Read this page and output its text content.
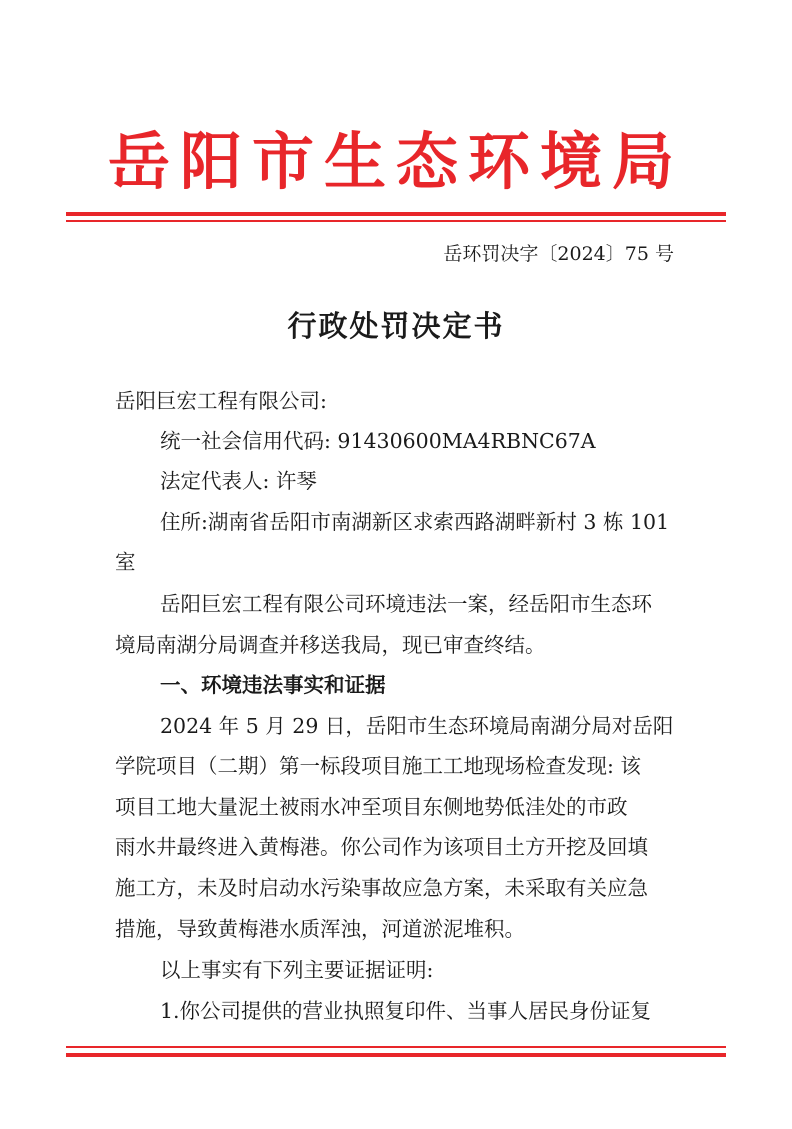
岳阳市生态环境局
岳环罚决字〔2024〕75 号
行政处罚决定书
岳阳巨宏工程有限公司:
统一社会信用代码: 91430600MA4RBNC67A
法定代表人: 许琴
住所:湖南省岳阳市南湖新区求索西路湖畔新村 3 栋 101
室
岳阳巨宏工程有限公司环境违法一案，经岳阳市生态环
境局南湖分局调查并移送我局，现已审查终结。
一、环境违法事实和证据
2024 年 5 月 29 日，岳阳市生态环境局南湖分局对岳阳
学院项目（二期）第一标段项目施工工地现场检查发现: 该
项目工地大量泥土被雨水冲至项目东侧地势低洼处的市政
雨水井最终进入黄梅港。你公司作为该项目土方开挖及回填
施工方，未及时启动水污染事故应急方案，未采取有关应急
措施，导致黄梅港水质浑浊，河道淤泥堆积。
以上事实有下列主要证据证明:
1.你公司提供的营业执照复印件、当事人居民身份证复
